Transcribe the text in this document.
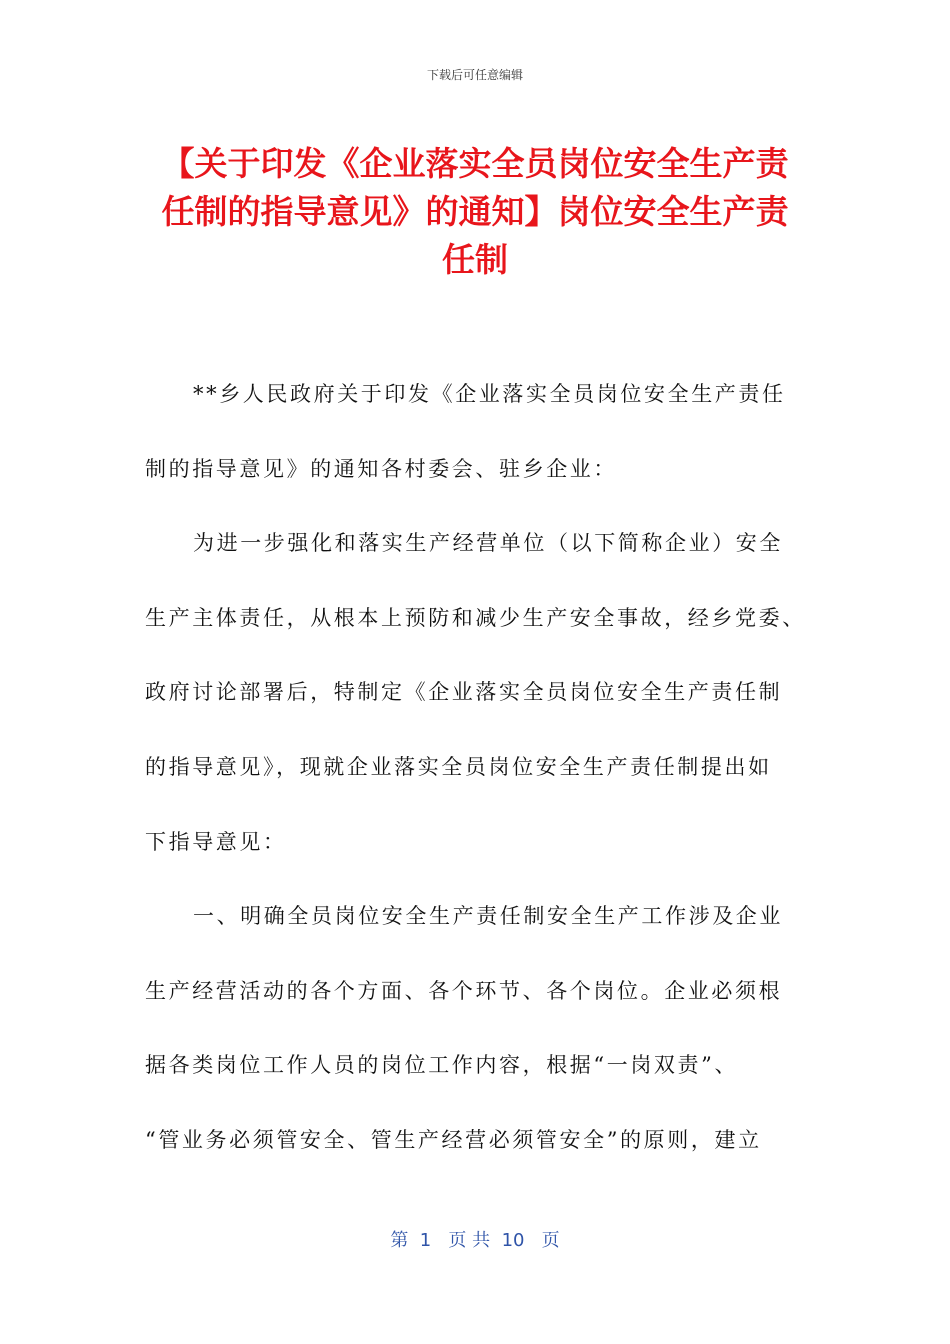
下载后可任意编辑
【关于印发《企业落实全员岗位安全生产责
任制的指导意见》的通知】岗位安全生产责
任制
**乡人民政府关于印发《企业落实全员岗位安全生产责任
制的指导意见》的通知各村委会、驻乡企业：
为进一步强化和落实生产经营单位（以下简称企业）安全
生产主体责任，从根本上预防和减少生产安全事故，经乡党委、
政府讨论部署后，特制定《企业落实全员岗位安全生产责任制
的指导意见》，现就企业落实全员岗位安全生产责任制提出如
下指导意见：
一、明确全员岗位安全生产责任制安全生产工作涉及企业
生产经营活动的各个方面、各个环节、各个岗位。企业必须根
据各类岗位工作人员的岗位工作内容，根据“一岗双责”、
“管业务必须管安全、管生产经营必须管安全”的原则，建立
第  1   页 共  10   页
